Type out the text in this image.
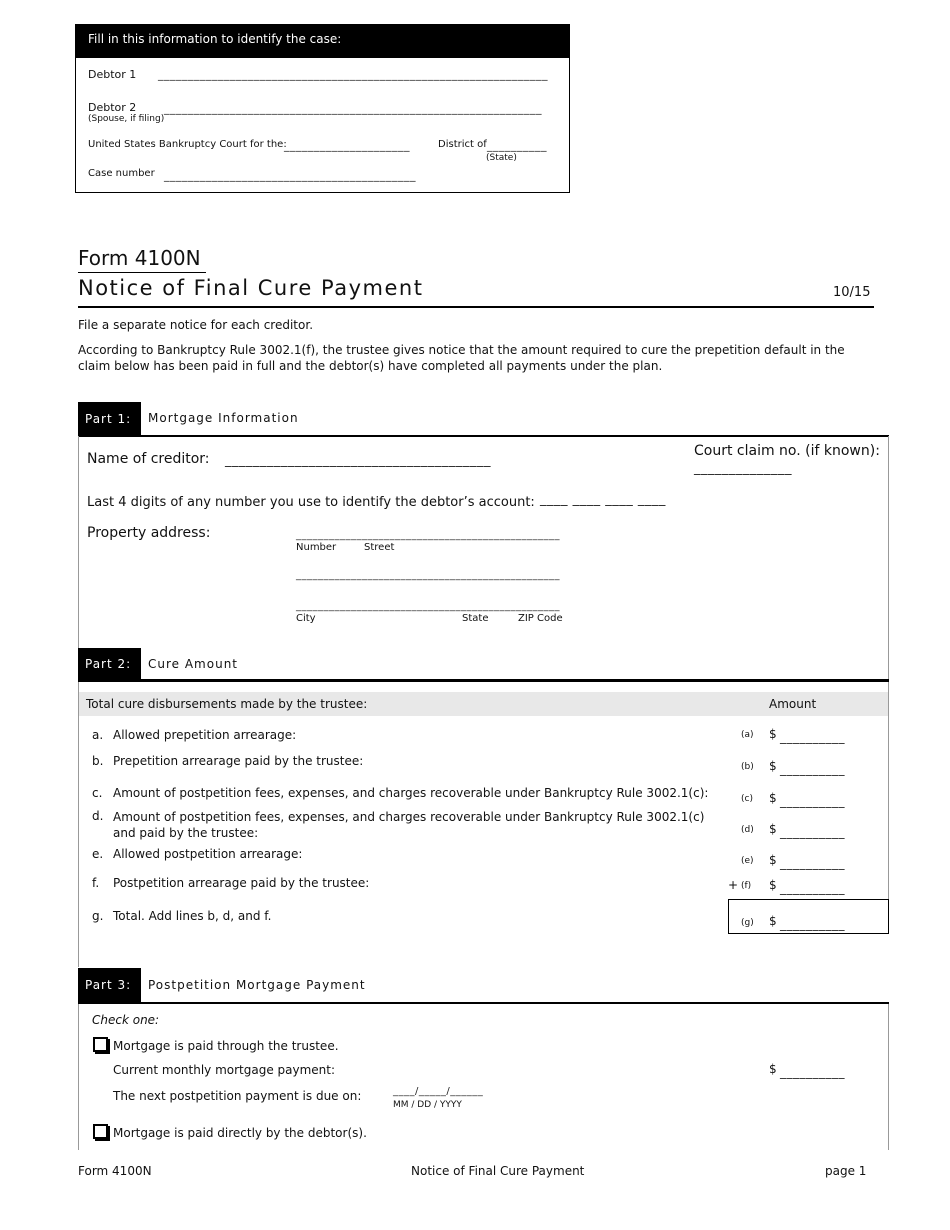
Fill in this information to identify the case:
Debtor 1 _________________________________________________________________
Debtor 2
(Spouse, if filing)
_______________________________________________________________
United States Bankruptcy Court for the:
_____________________	District of __________
(State)
Case number __________________________________________
Form 4100N
Notice of Final Cure Payment	10/15
File a separate notice for each creditor.
According to Bankruptcy Rule 3002.1(f), the trustee gives notice that the amount required to cure the prepetition default in the claim below has been paid in full and the debtor(s) have completed all payments under the plan.
Part 1: Mortgage Information
Name of creditor: ______________________________________
Court claim no. (if known):
______________
Last 4 digits of any number you use to identify the debtor’s account: ____ ____ ____ ____
Property address:	________________________________________________
Number	Street
________________________________________________
________________________________________________
City	State	ZIP Code
Part 2: Cure Amount
Total cure disbursements made by the trustee:	Amount
a. Allowed prepetition arrearage:	(a) $ __________
b. Prepetition arrearage paid by the trustee:	(b) $ __________
c. Amount of postpetition fees, expenses, and charges recoverable under Bankruptcy Rule 3002.1(c):	(c) $ __________
d. Amount of postpetition fees, expenses, and charges recoverable under Bankruptcy Rule 3002.1(c) and paid by the trustee:	(d) $ __________
e. Allowed postpetition arrearage:	(e) $ __________
f. Postpetition arrearage paid by the trustee:	+ (f) $ __________
g. Total. Add lines b, d, and f.	(g) $ __________
Part 3: Postpetition Mortgage Payment
Check one:
Mortgage is paid through the trustee.
Current monthly mortgage payment:	$ __________
The next postpetition payment is due on:	____/_____/______
MM / DD / YYYY
Mortgage is paid directly by the debtor(s).
Form 4100N	Notice of Final Cure Payment	page 1
